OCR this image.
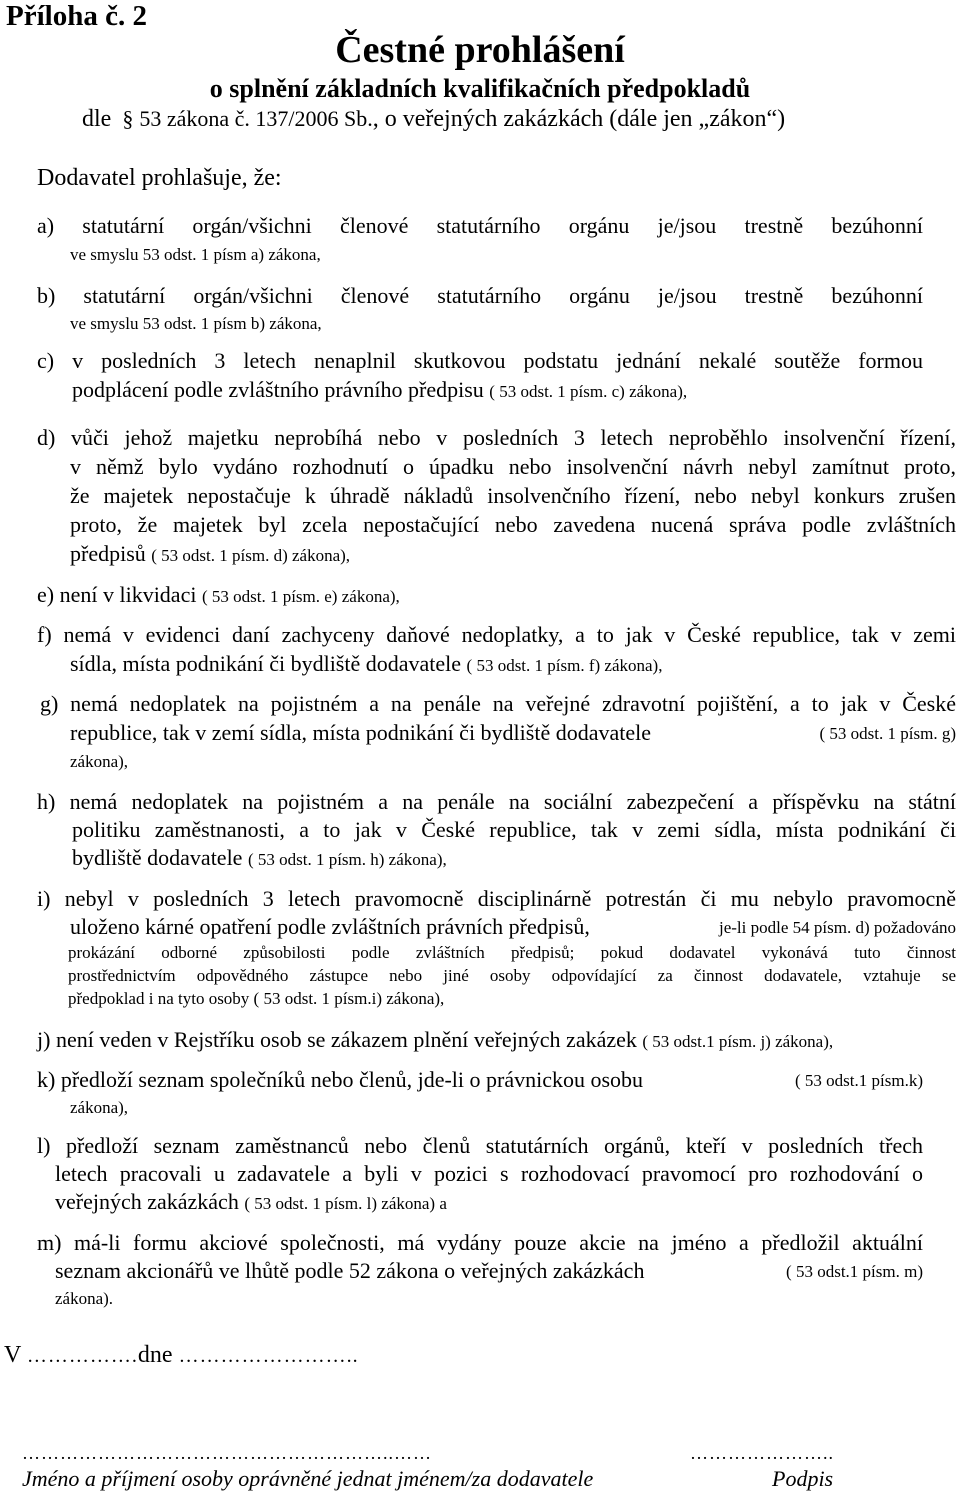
Příloha č. 2
Čestné prohlášení
o splnění základních kvalifikačních předpokladů
dle § 53 zákona č. 137/2006 Sb., o veřejných zakázkách (dále jen „zákon“)
Dodavatel prohlašuje, že:
a) statutární orgán/všichni členové statutárního orgánu je/jsou trestně bezúhonní
ve smyslu 53 odst. 1 písm a) zákona,
b) statutární orgán/všichni členové statutárního orgánu je/jsou trestně bezúhonní
ve smyslu 53 odst. 1 písm b) zákona,
c) v posledních 3 letech nenaplnil skutkovou podstatu jednání nekalé soutěže formou
podplácení podle zvláštního právního předpisu ( 53 odst. 1 písm. c) zákona),
d) vůči jehož majetku neprobíhá nebo v posledních 3 letech neproběhlo insolvenční řízení,
v němž bylo vydáno rozhodnutí o úpadku nebo insolvenční návrh nebyl zamítnut proto,
že majetek nepostačuje k úhradě nákladů insolvenčního řízení, nebo nebyl konkurs zrušen
proto, že majetek byl zcela nepostačující nebo zavedena nucená správa podle zvláštních
předpisů ( 53 odst. 1 písm. d) zákona),
e) není v likvidaci ( 53 odst. 1 písm. e) zákona),
f) nemá v evidenci daní zachyceny daňové nedoplatky, a to jak v České republice, tak v zemi
sídla, místa podnikání či bydliště dodavatele ( 53 odst. 1 písm. f) zákona),
g) nemá nedoplatek na pojistném a na penále na veřejné zdravotní pojištění, a to jak v České
republice, tak v zemí sídla, místa podnikání či bydliště dodavatele	( 53 odst. 1 písm. g)
zákona),
h) nemá nedoplatek na pojistném a na penále na sociální zabezpečení a příspěvku na státní
politiku zaměstnanosti, a to jak v České republice, tak v zemi sídla, místa podnikání či
bydliště dodavatele ( 53 odst. 1 písm. h) zákona),
i) nebyl v posledních 3 letech pravomocně disciplinárně potrestán či mu nebylo pravomocně
uloženo kárné opatření podle zvláštních právních předpisů,	je-li podle 54 písm. d) požadováno
prokázání odborné způsobilosti podle zvláštních předpisů; pokud dodavatel vykonává tuto činnost
prostřednictvím odpovědného zástupce nebo jiné osoby odpovídající za činnost dodavatele, vztahuje se
předpoklad i na tyto osoby ( 53 odst. 1 písm.i) zákona),
j) není veden v Rejstříku osob se zákazem plnění veřejných zakázek ( 53 odst.1 písm. j) zákona),
k) předloží seznam společníků nebo členů, jde-li o právnickou osobu	( 53 odst.1 písm.k)
zákona),
l) předloží seznam zaměstnanců nebo členů statutárních orgánů, kteří v posledních třech
letech pracovali u zadavatele a byli v pozici s rozhodovací pravomocí pro rozhodování o
veřejných zakázkách ( 53 odst. 1 písm. l) zákona) a
m) má-li formu akciové společnosti, má vydány pouze akcie na jméno a předložil aktuální
seznam akcionářů ve lhůtě podle 52 zákona o veřejných zakázkách	( 53 odst.1 písm. m)
zákona).
V …………….dne ……………………..
…………………………………………………..……
Jméno a příjmení osoby oprávněné jednat jménem/za dodavatele
…………………..
Podpis
